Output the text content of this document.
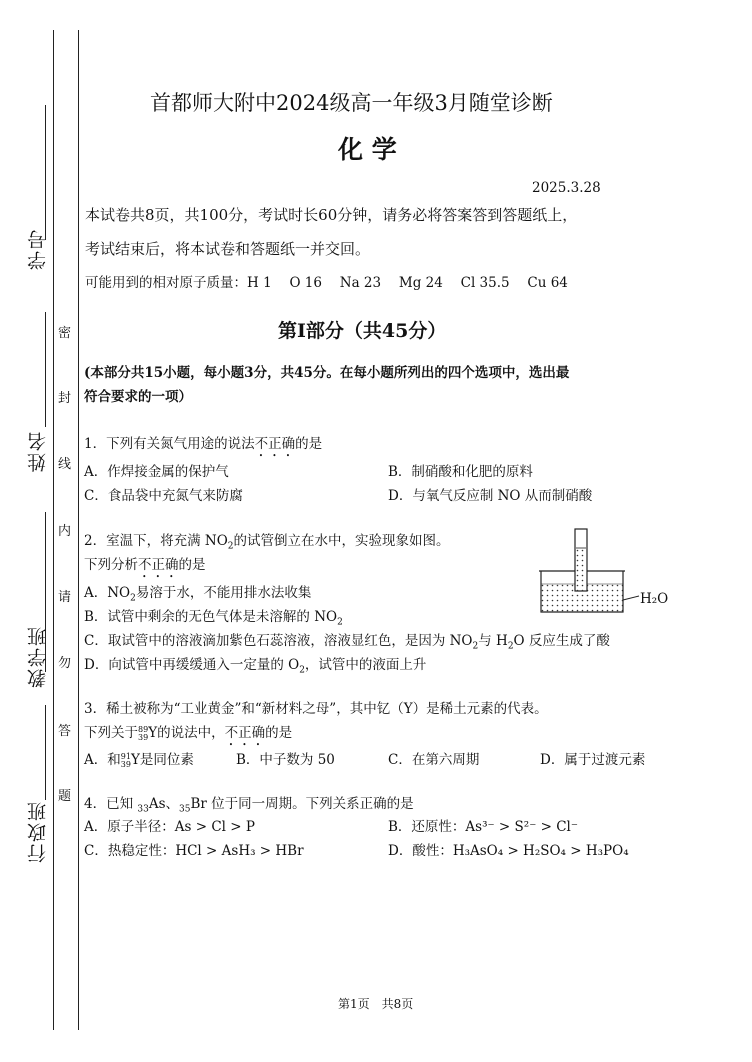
学号
姓名
教学班
行政班
密
封
线
内
请
勿
答
题
首都师大附中2024级高一年级3月随堂诊断
化 学
2025.3.28
本试卷共8页，共100分，考试时长60分钟，请务必将答案答到答题纸上，
考试结束后，将本试卷和答题纸一并交回。
可能用到的相对原子质量：H 1　 O 16　 Na 23　 Mg 24　 Cl 35.5　 Cu 64
第Ⅰ部分（共45分）
(本部分共15小题，每小题3分，共45分。在每小题所列出的四个选项中，选出最
符合要求的一项）
1．下列有关氮气用途的说法不正确的是
A．作焊接金属的保护气	B．制硝酸和化肥的原料
C．食品袋中充氮气来防腐	D．与氧气反应制 NO 从而制硝酸
2．室温下，将充满 $NO_2$的试管倒立在水中，实验现象如图。
下列分析不正确的是
A．$NO_2$易溶于水，不能用排水法收集
B．试管中剩余的无色气体是未溶解的 $NO_2$
C．取试管中的溶液滴加紫色石蕊溶液，溶液显红色，是因为 $NO_2$与 $H_2O$ 反应生成了酸
D．向试管中再缓缓通入一定量的 $O_2$，试管中的液面上升
H₂O
3．稀土被称为“工业黄金”和“新材料之母”，其中钇（Y）是稀土元素的代表。
下列关于 89
39 Y的说法中，不正确的是
A．和 91
39 Y是同位素	B．中子数为 50	C．在第六周期	D．属于过渡元素
4．已知 $_{33}$As、$_{35}$Br 位于同一周期。下列关系正确的是
A．原子半径：As > Cl > P	B．还原性：As³⁻ > S²⁻ > Cl⁻
C．热稳定性：HCl > AsH₃ > HBr	D．酸性：H₃AsO₄ > H₂SO₄ > H₃PO₄
第1页　共8页
